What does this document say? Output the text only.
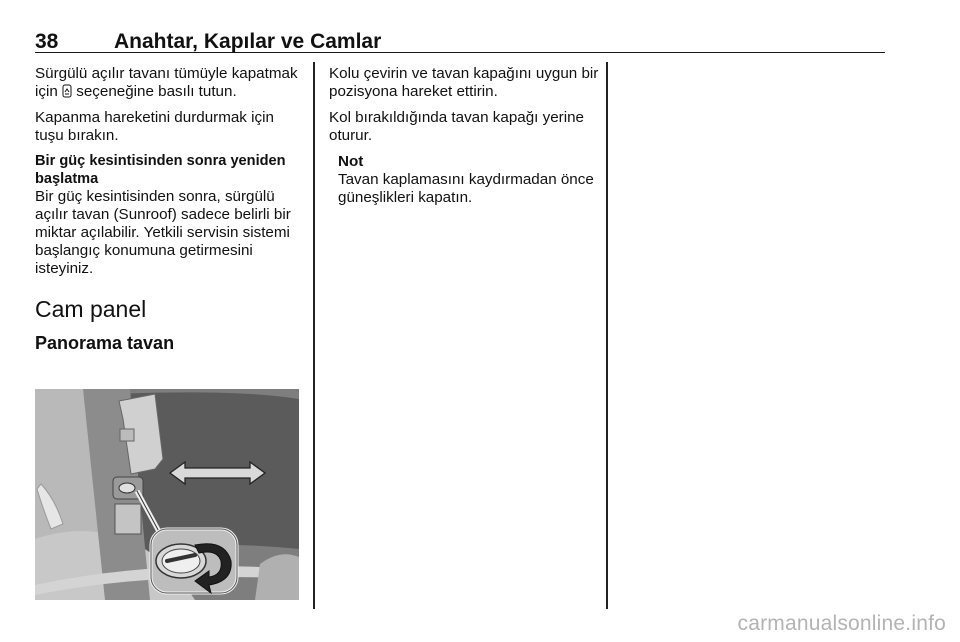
38	Anahtar, Kapılar ve Camlar

Sürgülü açılır tavanı tümüyle kapatmak için  seçeneğine basılı tutun.

Kapanma hareketini durdurmak için tuşu bırakın.

Bir güç kesintisinden sonra yeniden başlatma

Bir güç kesintisinden sonra, sürgülü açılır tavan (Sunroof) sadece belirli bir miktar açılabilir. Yetkili servisin sistemi başlangıç konumuna getirmesini isteyiniz.

Cam panel
Panorama tavan

Kolu çevirin ve tavan kapağını uygun bir pozisyona hareket ettirin.

Kol bırakıldığında tavan kapağı yerine oturur.

Not

Tavan kaplamasını kaydırmadan önce güneşlikleri kapatın.

carmanualsonline.info
